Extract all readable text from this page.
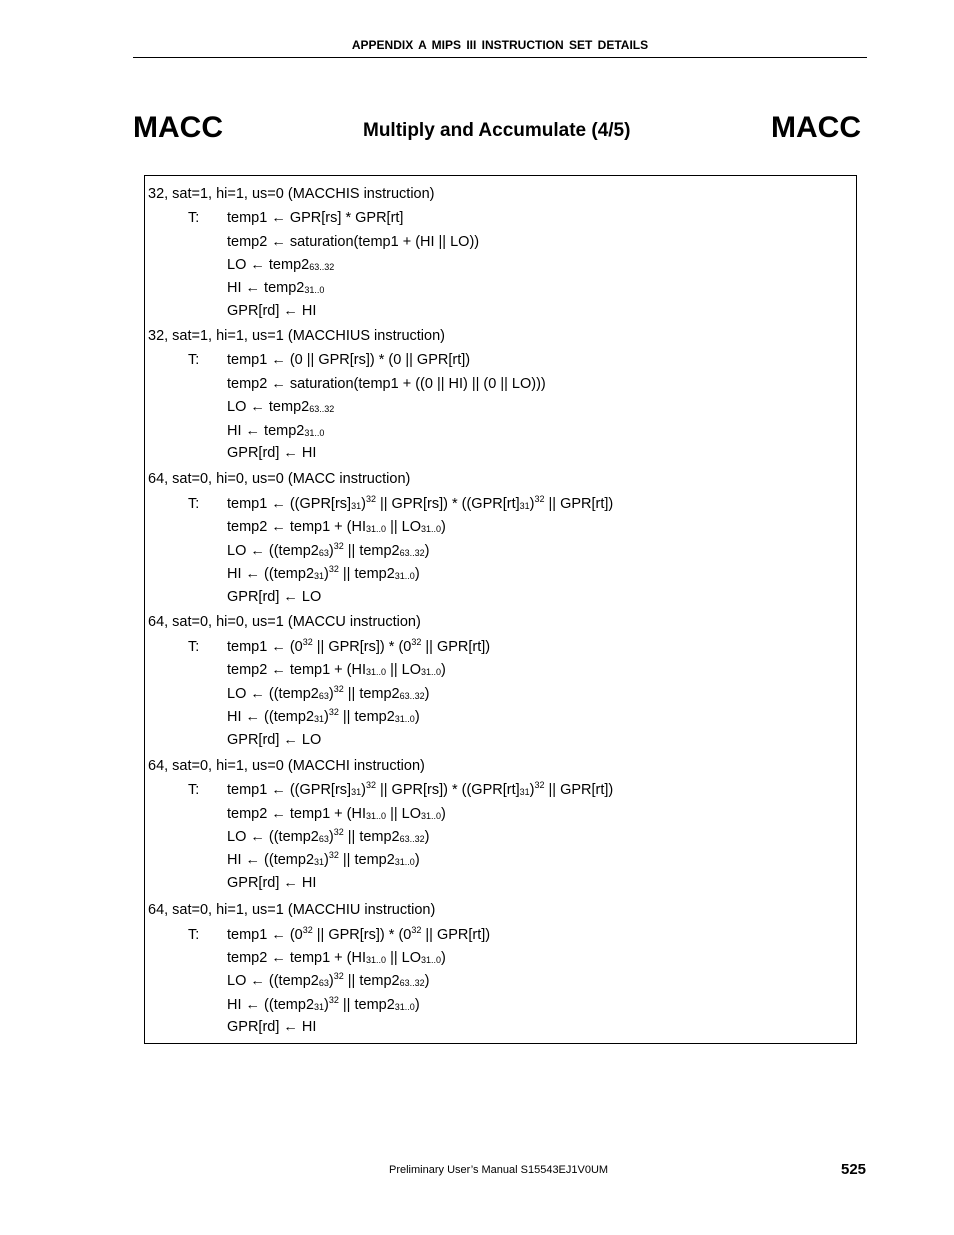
APPENDIX A MIPS III INSTRUCTION SET DETAILS
MACC	Multiply and Accumulate (4/5)	MACC
32, sat=1, hi=1, us=0 (MACCHIS instruction)
T: temp1 ← GPR[rs] * GPR[rt]
temp2 ← saturation(temp1 + (HI || LO))
LO ← $temp2_{63..32}$
HI ← $temp2_{31..0}$
GPR[rd] ← HI
32, sat=1, hi=1, us=1 (MACCHIUS instruction)
T: temp1 ← (0 || GPR[rs]) * (0 || GPR[rt])
temp2 ← saturation(temp1 + ((0 || HI) || (0 || LO)))
LO ← $temp2_{63..32}$
HI ← $temp2_{31..0}$
GPR[rd] ← HI
64, sat=0, hi=0, us=0 (MACC instruction)
T: temp1 ← ($(GPR[rs]_{31})^{32}$ || $GPR[rs]) * ((GPR[rt]_{31})^{32}$ || GPR[rt])
temp2 ← temp1 + ($HI_{31..0}$ || $LO_{31..0}$)
LO ← ($(temp2_{63})^{32}$ || $temp2_{63..32}$)
HI ← ($(temp2_{31})^{32}$ || $temp2_{31..0}$)
GPR[rd] ← LO
64, sat=0, hi=0, us=1 (MACCU instruction)
T: temp1 ← ($0^{32}$ || $GPR[rs]) * (0^{32}$ || GPR[rt])
temp2 ← temp1 + ($HI_{31..0}$ || $LO_{31..0}$)
LO ← ($(temp2_{63})^{32}$ || $temp2_{63..32}$)
HI ← ($(temp2_{31})^{32}$ || $temp2_{31..0}$)
GPR[rd] ← LO
64, sat=0, hi=1, us=0 (MACCHI instruction)
T: temp1 ← ($(GPR[rs]_{31})^{32}$ || $GPR[rs]) * ((GPR[rt]_{31})^{32}$ || GPR[rt])
temp2 ← temp1 + ($HI_{31..0}$ || $LO_{31..0}$)
LO ← ($(temp2_{63})^{32}$ || $temp2_{63..32}$)
HI ← ($(temp2_{31})^{32}$ || $temp2_{31..0}$)
GPR[rd] ← HI
64, sat=0, hi=1, us=1 (MACCHIU instruction)
T: temp1 ← ($0^{32}$ || $GPR[rs]) * (0^{32}$ || GPR[rt])
temp2 ← temp1 + ($HI_{31..0}$ || $LO_{31..0}$)
LO ← ($(temp2_{63})^{32}$ || $temp2_{63..32}$)
HI ← ($(temp2_{31})^{32}$ || $temp2_{31..0}$)
GPR[rd] ← HI
Preliminary User’s Manual S15543EJ1V0UM	525
